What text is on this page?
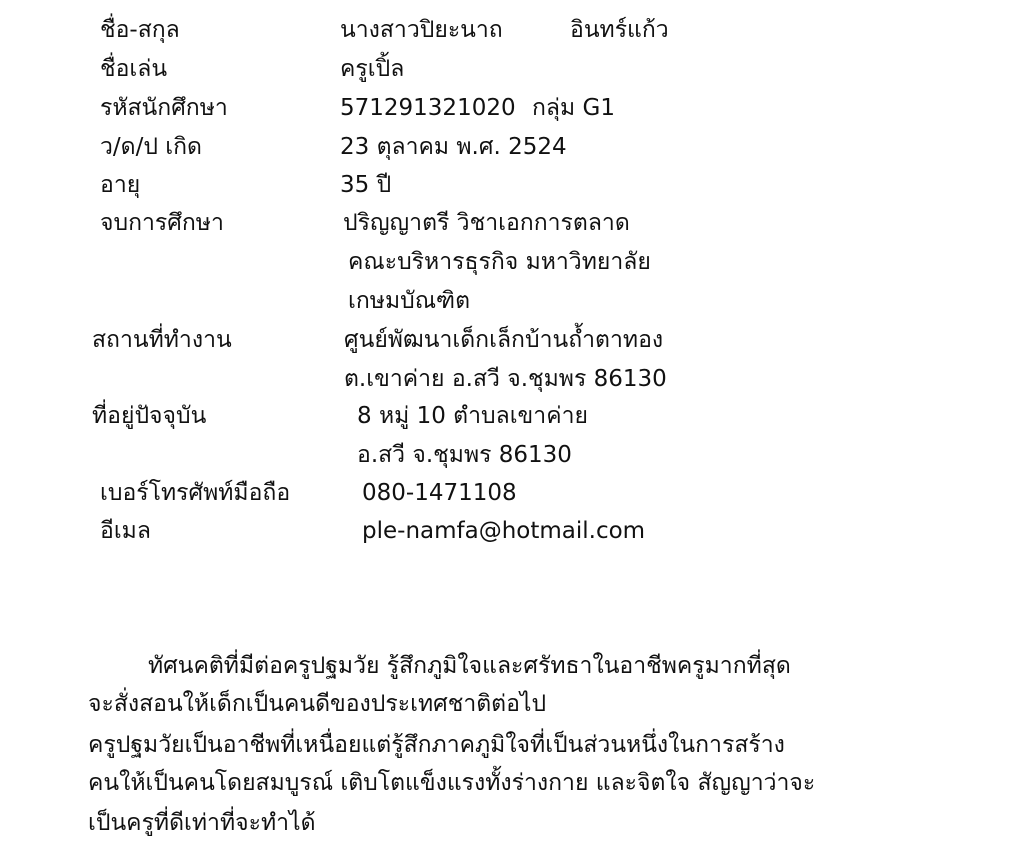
ชื่อ-สกุล	นางสาวปิยะนาถ	อินทร์แก้ว
ชื่อเล่น	ครูเปิ้ล
รหัสนักศึกษา	571291321020 กลุ่ม G1
ว/ด/ป เกิด	23 ตุลาคม พ.ศ. 2524
อายุ	35 ปี
จบการศึกษา	ปริญญาตรี วิชาเอกการตลาด
คณะบริหารธุรกิจ มหาวิทยาลัย
เกษมบัณฑิต
สถานที่ทำงาน	ศูนย์พัฒนาเด็กเล็กบ้านถ้ำตาทอง
ต.เขาค่าย อ.สวี จ.ชุมพร 86130
ที่อยู่ปัจจุบัน	8 หมู่ 10 ตำบลเขาค่าย
อ.สวี จ.ชุมพร 86130
เบอร์โทรศัพท์มือถือ	080-1471108
อีเมล	ple-namfa@hotmail.com
ทัศนคติที่มีต่อครูปฐมวัย รู้สึกภูมิใจและศรัทธาในอาชีพครูมากที่สุด
จะสั่งสอนให้เด็กเป็นคนดีของประเทศชาติต่อไป
ครูปฐมวัยเป็นอาชีพที่เหนื่อยแต่รู้สึกภาคภูมิใจที่เป็นส่วนหนึ่งในการสร้าง
คนให้เป็นคนโดยสมบูรณ์ เติบโตแข็งแรงทั้งร่างกาย และจิตใจ สัญญาว่าจะ
เป็นครูที่ดีเท่าที่จะทำได้
